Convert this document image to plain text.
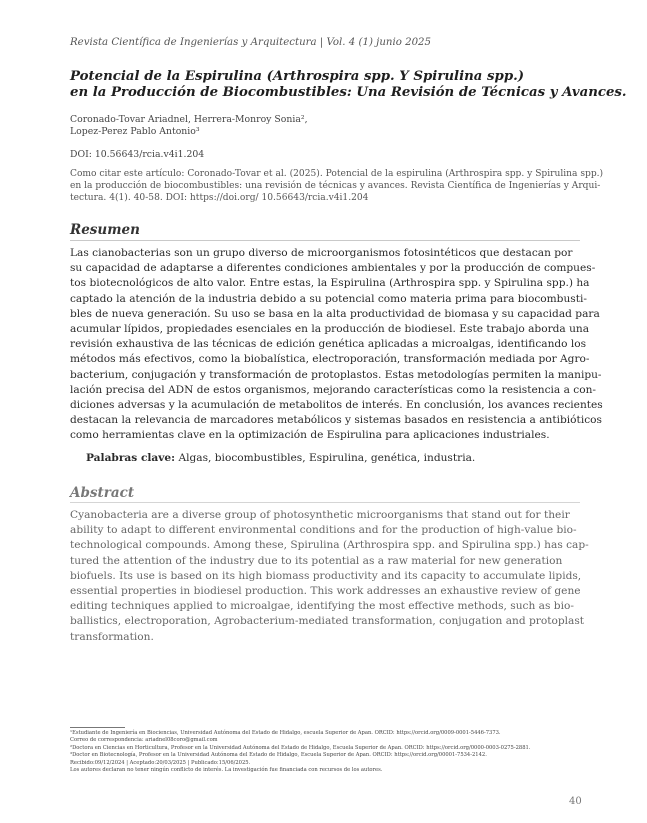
Revista Científica de Ingenierías y Arquitectura | Vol. 4 (1) junio 2025
Potencial de la Espirulina (Arthrospira spp. Y Spirulina spp.)
en la Producción de Biocombustibles: Una Revisión de Técnicas y Avances.
Coronado-Tovar Ariadnel, Herrera-Monroy Sonia²,
Lopez-Perez Pablo Antonio³
DOI: 10.56643/rcia.v4i1.204
Como citar este artículo: Coronado-Tovar et al. (2025). Potencial de la espirulina (Arthrospira spp. y Spirulina spp.)
en la producción de biocombustibles: una revisión de técnicas y avances. Revista Científica de Ingenierías y Arqui-
tectura. 4(1). 40-58. DOI: https://doi.org/ 10.56643/rcia.v4i1.204
Resumen
Las cianobacterias son un grupo diverso de microorganismos fotosintéticos que destacan por
su capacidad de adaptarse a diferentes condiciones ambientales y por la producción de compues-
tos biotecnológicos de alto valor. Entre estas, la Espirulina (Arthrospira spp. y Spirulina spp.) ha
captado la atención de la industria debido a su potencial como materia prima para biocombusti-
bles de nueva generación. Su uso se basa en la alta productividad de biomasa y su capacidad para
acumular lípidos, propiedades esenciales en la producción de biodiesel. Este trabajo aborda una
revisión exhaustiva de las técnicas de edición genética aplicadas a microalgas, identificando los
métodos más efectivos, como la biobalística, electroporación, transformación mediada por Agro-
bacterium, conjugación y transformación de protoplastos. Estas metodologías permiten la manipu-
lación precisa del ADN de estos organismos, mejorando características como la resistencia a con-
diciones adversas y la acumulación de metabolitos de interés. En conclusión, los avances recientes
destacan la relevancia de marcadores metabólicos y sistemas basados en resistencia a antibióticos
como herramientas clave en la optimización de Espirulina para aplicaciones industriales.
Palabras clave: Algas, biocombustibles, Espirulina, genética, industria.
Abstract
Cyanobacteria are a diverse group of photosynthetic microorganisms that stand out for their
ability to adapt to different environmental conditions and for the production of high-value bio-
technological compounds. Among these, Spirulina (Arthrospira spp. and Spirulina spp.) has cap-
tured the attention of the industry due to its potential as a raw material for new generation
biofuels. Its use is based on its high biomass productivity and its capacity to accumulate lipids,
essential properties in biodiesel production. This work addresses an exhaustive review of gene
editing techniques applied to microalgae, identifying the most effective methods, such as bio-
ballistics, electroporation, Agrobacterium-mediated transformation, conjugation and protoplast
transformation.
¹Estudiante de Ingeniería en Biociencias, Universidad Autónoma del Estado de Hidalgo, escuela Superior de Apan. ORCID: https://orcid.org/0009-0001-5446-7373.
Correo de correspondencia: ariadnel08coro@gmail.com
²Doctora en Ciencias en Horticultura, Profesor en la Universidad Autónoma del Estado de Hidalgo, Escuela Superior de Apan. ORCID: https://orcid.org/0000-0003-0275-2881.
³Doctor en Biotecnología, Profesor en la Universidad Autónoma del Estado de Hidalgo, Escuela Superior de Apan. ORCID: https://orcid.org/00001-7534-2142.
Recibido:09/12/2024 | Aceptado:20/03/2025 | Publicado:15/06/2025.
Los autores declaran no tener ningún conflicto de interés. La investigación fue financiada con recursos de los autores.
40
